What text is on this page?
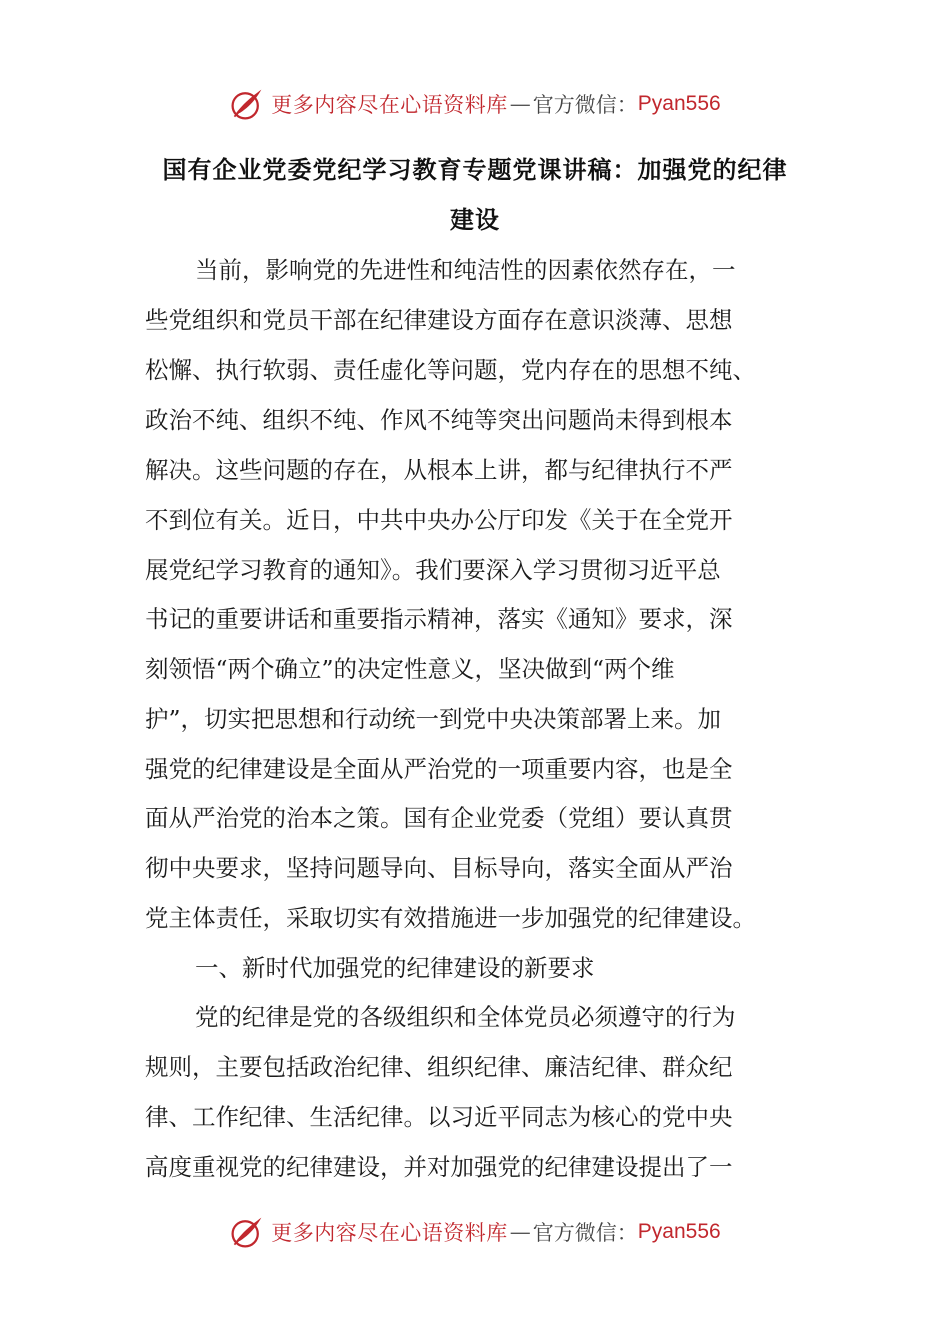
更多内容尽在心语资料库 — 官方微信： Pyan556
国有企业党委党纪学习教育专题党课讲稿：加强党的纪律
建设
当前，影响党的先进性和纯洁性的因素依然存在，一
些党组织和党员干部在纪律建设方面存在意识淡薄、思想
松懈、执行软弱、责任虚化等问题，党内存在的思想不纯、
政治不纯、组织不纯、作风不纯等突出问题尚未得到根本
解决。这些问题的存在，从根本上讲，都与纪律执行不严
不到位有关。近日，中共中央办公厅印发《关于在全党开
展党纪学习教育的通知》。我们要深入学习贯彻习近平总
书记的重要讲话和重要指示精神，落实《通知》要求，深
刻领悟“两个确立”的决定性意义，坚决做到“两个维
护”，切实把思想和行动统一到党中央决策部署上来。加
强党的纪律建设是全面从严治党的一项重要内容，也是全
面从严治党的治本之策。国有企业党委（党组）要认真贯
彻中央要求，坚持问题导向、目标导向，落实全面从严治
党主体责任，采取切实有效措施进一步加强党的纪律建设。
一、新时代加强党的纪律建设的新要求
党的纪律是党的各级组织和全体党员必须遵守的行为
规则，主要包括政治纪律、组织纪律、廉洁纪律、群众纪
律、工作纪律、生活纪律。以习近平同志为核心的党中央
高度重视党的纪律建设，并对加强党的纪律建设提出了一
更多内容尽在心语资料库 — 官方微信： Pyan556
